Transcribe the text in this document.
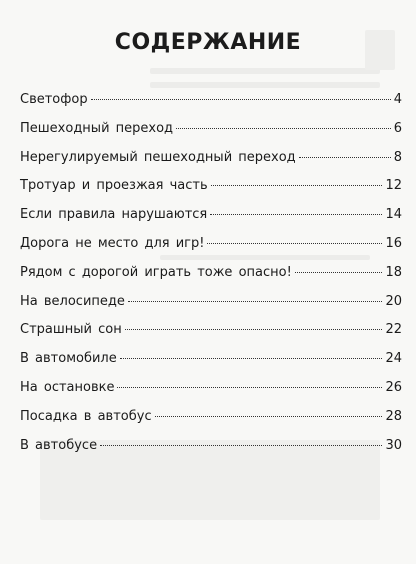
СОДЕРЖАНИЕ
Светофор	4
Пешеходный переход	6
Нерегулируемый пешеходный переход	8
Тротуар и проезжая часть	12
Если правила нарушаются	14
Дорога не место для игр!	16
Рядом с дорогой играть тоже опасно!	18
На велосипеде	20
Страшный сон	22
В автомобиле	24
На остановке	26
Посадка в автобус	28
В автобусе	30
